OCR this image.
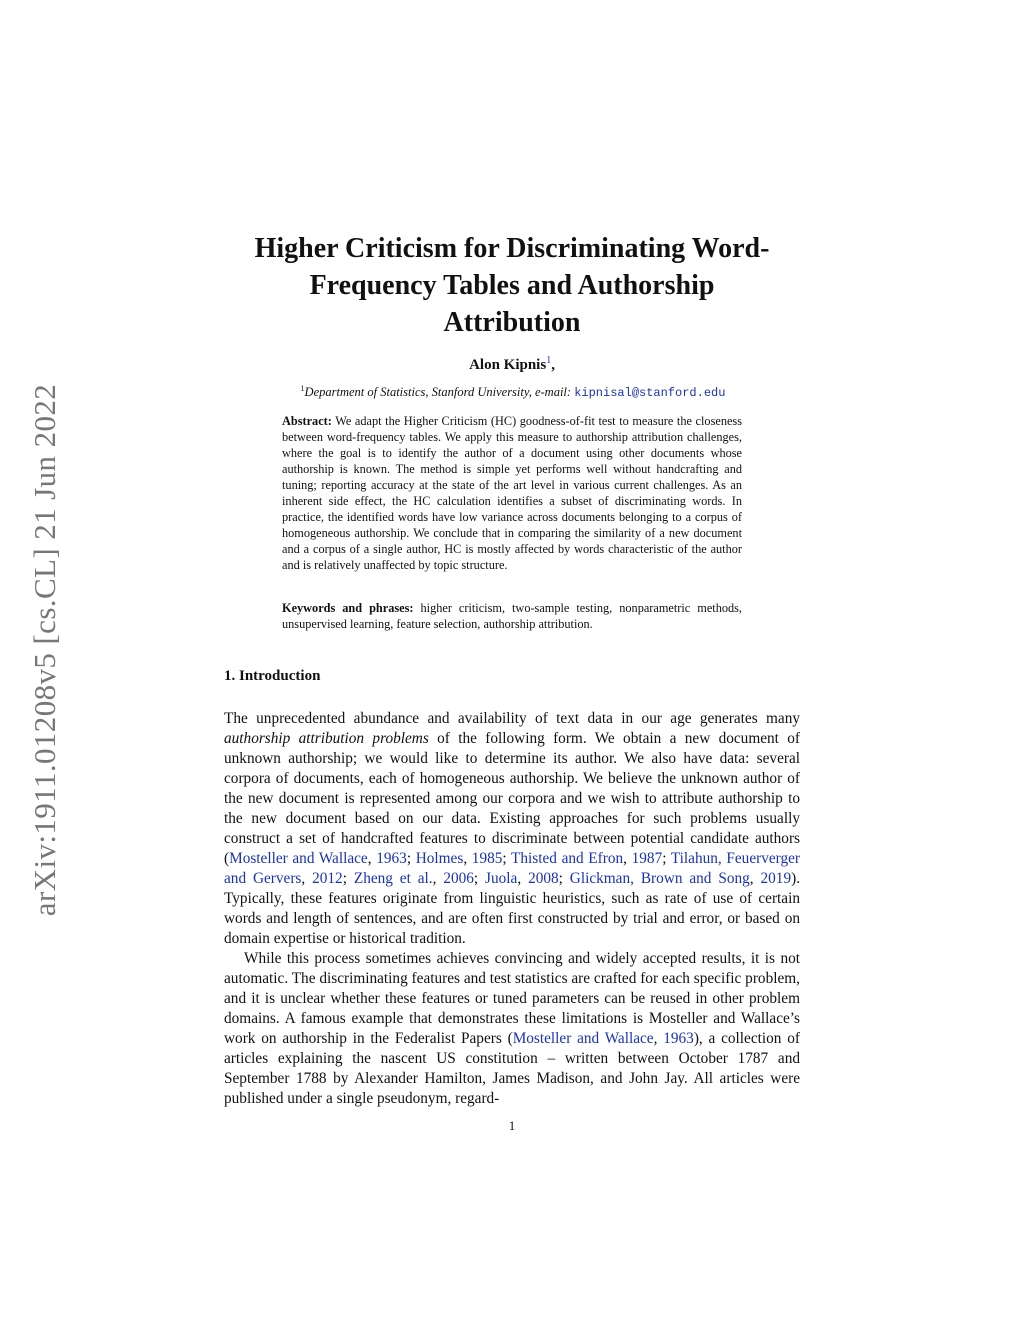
arXiv:1911.01208v5 [cs.CL] 21 Jun 2022
Higher Criticism for Discriminating Word-Frequency Tables and Authorship Attribution
Alon Kipnis$^1$,
$^1$Department of Statistics, Stanford University, e-mail: kipnisal@stanford.edu

Abstract: We adapt the Higher Criticism (HC) goodness-of-fit test to measure the closeness between word-frequency tables. We apply this measure to authorship attribution challenges, where the goal is to identify the author of a document using other documents whose authorship is known. The method is simple yet performs well without handcrafting and tuning; reporting accuracy at the state of the art level in various current challenges. As an inherent side effect, the HC calculation identifies a subset of discriminating words. In practice, the identified words have low variance across documents belonging to a corpus of homogeneous authorship. We conclude that in comparing the similarity of a new document and a corpus of a single author, HC is mostly affected by words characteristic of the author and is relatively unaffected by topic structure.

Keywords and phrases: higher criticism, two-sample testing, nonparametric methods, unsupervised learning, feature selection, authorship attribution.

1. Introduction

The unprecedented abundance and availability of text data in our age generates many authorship attribution problems of the following form. We obtain a new document of unknown authorship; we would like to determine its author. We also have data: several corpora of documents, each of homogeneous authorship. We believe the unknown author of the new document is represented among our corpora and we wish to attribute authorship to the new document based on our data. Existing approaches for such problems usually construct a set of handcrafted features to discriminate between potential candidate authors (Mosteller and Wallace, 1963; Holmes, 1985; Thisted and Efron, 1987; Tilahun, Feuerverger and Gervers, 2012; Zheng et al., 2006; Juola, 2008; Glickman, Brown and Song, 2019). Typically, these features originate from linguistic heuristics, such as rate of use of certain words and length of sentences, and are often first constructed by trial and error, or based on domain expertise or historical tradition.

While this process sometimes achieves convincing and widely accepted results, it is not automatic. The discriminating features and test statistics are crafted for each specific problem, and it is unclear whether these features or tuned parameters can be reused in other problem domains. A famous example that demonstrates these limitations is Mosteller and Wallace’s work on authorship in the Federalist Papers (Mosteller and Wallace, 1963), a collection of articles explaining the nascent US constitution – written between October 1787 and September 1788 by Alexander Hamilton, James Madison, and John Jay. All articles were published under a single pseudonym, regard-

1
